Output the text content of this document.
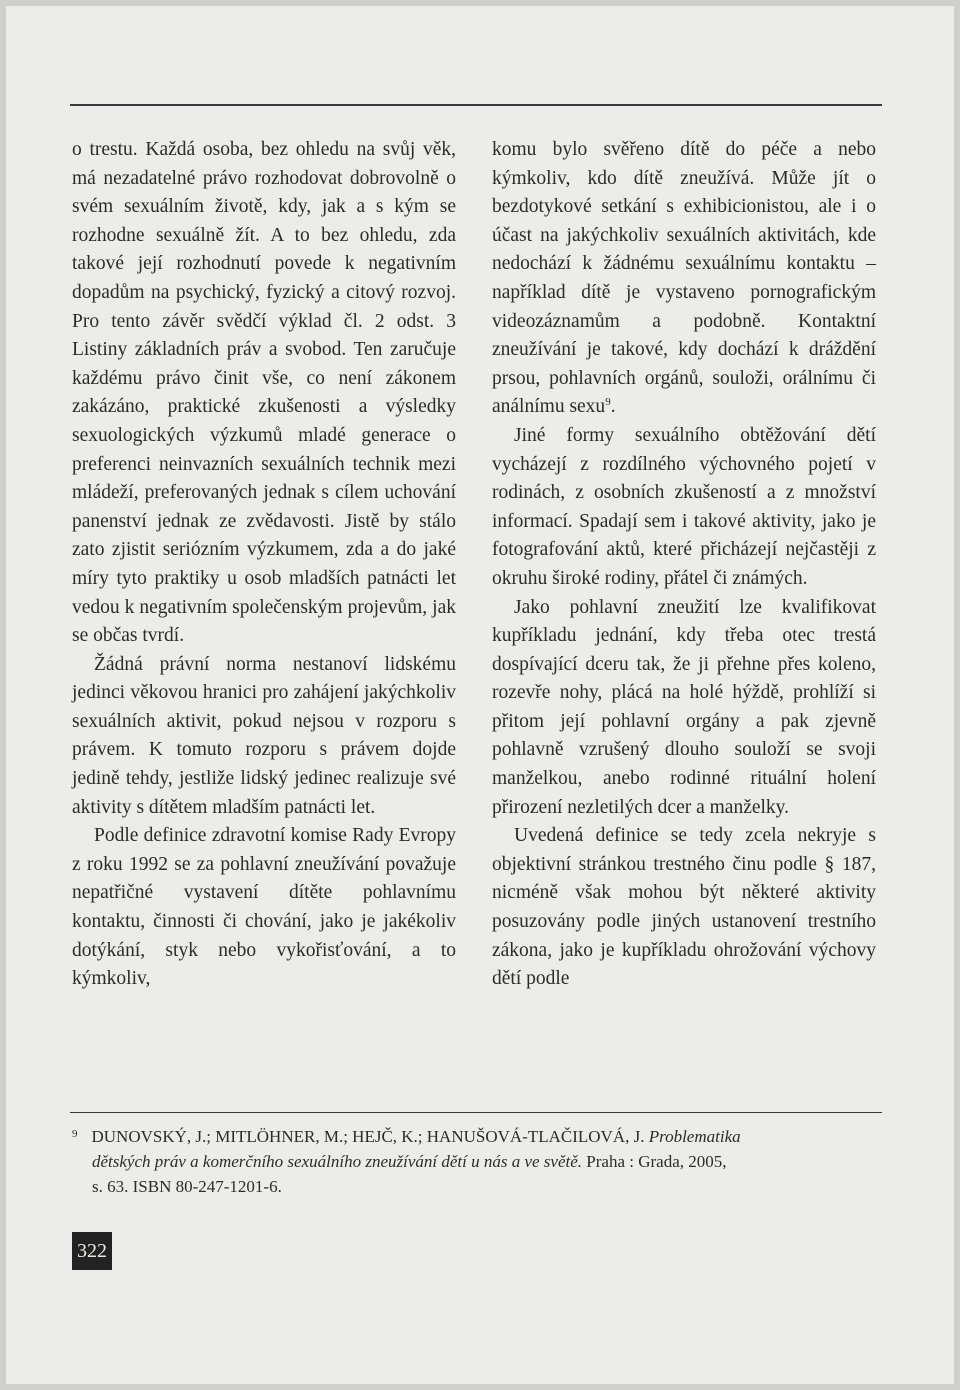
o trestu. Každá osoba, bez ohledu na svůj věk, má nezadatelné právo rozhodovat dobrovolně o svém sexuálním životě, kdy, jak a s kým se rozhodne sexuálně žít. A to bez ohledu, zda takové její rozhodnutí povede k negativním dopadům na psychický, fyzický a citový rozvoj. Pro tento závěr svědčí výklad čl. 2 odst. 3 Listiny základních práv a svobod. Ten zaručuje každému právo činit vše, co není zákonem zakázáno, praktické zkušenosti a výsledky sexuologických výzkumů mladé generace o preferenci neinvazních sexuálních technik mezi mládeží, preferovaných jednak s cílem uchování panenství jednak ze zvědavosti. Jistě by stálo zato zjistit seriózním výzkumem, zda a do jaké míry tyto praktiky u osob mladších patnácti let vedou k negativním společenským projevům, jak se občas tvrdí.

Žádná právní norma nestanoví lidskému jedinci věkovou hranici pro zahájení jakýchkoliv sexuálních aktivit, pokud nejsou v rozporu s právem. K tomuto rozporu s právem dojde jedině tehdy, jestliže lidský jedinec realizuje své aktivity s dítětem mladším patnácti let.

Podle definice zdravotní komise Rady Evropy z roku 1992 se za pohlavní zneužívání považuje nepatřičné vystavení dítěte pohlavnímu kontaktu, činnosti či chování, jako je jakékoliv dotýkání, styk nebo vykořisťování, a to kýmkoliv,

komu bylo svěřeno dítě do péče a nebo kýmkoliv, kdo dítě zneužívá. Může jít o bezdotykové setkání s exhibicionistou, ale i o účast na jakýchkoliv sexuálních aktivitách, kde nedochází k žádnému sexuálnímu kontaktu – například dítě je vystaveno pornografickým videozáznamům a podobně. Kontaktní zneužívání je takové, kdy dochází k dráždění prsou, pohlavních orgánů, souloži, orálnímu či análnímu sexu$^9$.

Jiné formy sexuálního obtěžování dětí vycházejí z rozdílného výchovného pojetí v rodinách, z osobních zkušeností a z množství informací. Spadají sem i takové aktivity, jako je fotografování aktů, které přicházejí nejčastěji z okruhu široké rodiny, přátel či známých.

Jako pohlavní zneužití lze kvalifikovat kupříkladu jednání, kdy třeba otec trestá dospívající dceru tak, že ji přehne přes koleno, rozevře nohy, plácá na holé hýždě, prohlíží si přitom její pohlavní orgány a pak zjevně pohlavně vzrušený dlouho souloží se svoji manželkou, anebo rodinné rituální holení přirození nezletilých dcer a manželky.

Uvedená definice se tedy zcela nekryje s objektivní stránkou trestného činu podle § 187, nicméně však mohou být některé aktivity posuzovány podle jiných ustanovení trestního zákona, jako je kupříkladu ohrožování výchovy dětí podle

$^9$ DUNOVSKÝ, J.; MITLÖHNER, M.; HEJČ, K.; HANUŠOVÁ-TLAČILOVÁ, J. Problematika
dětských práv a komerčního sexuálního zneužívání dětí u nás a ve světě. Praha : Grada, 2005,
s. 63. ISBN 80-247-1201-6.
322
